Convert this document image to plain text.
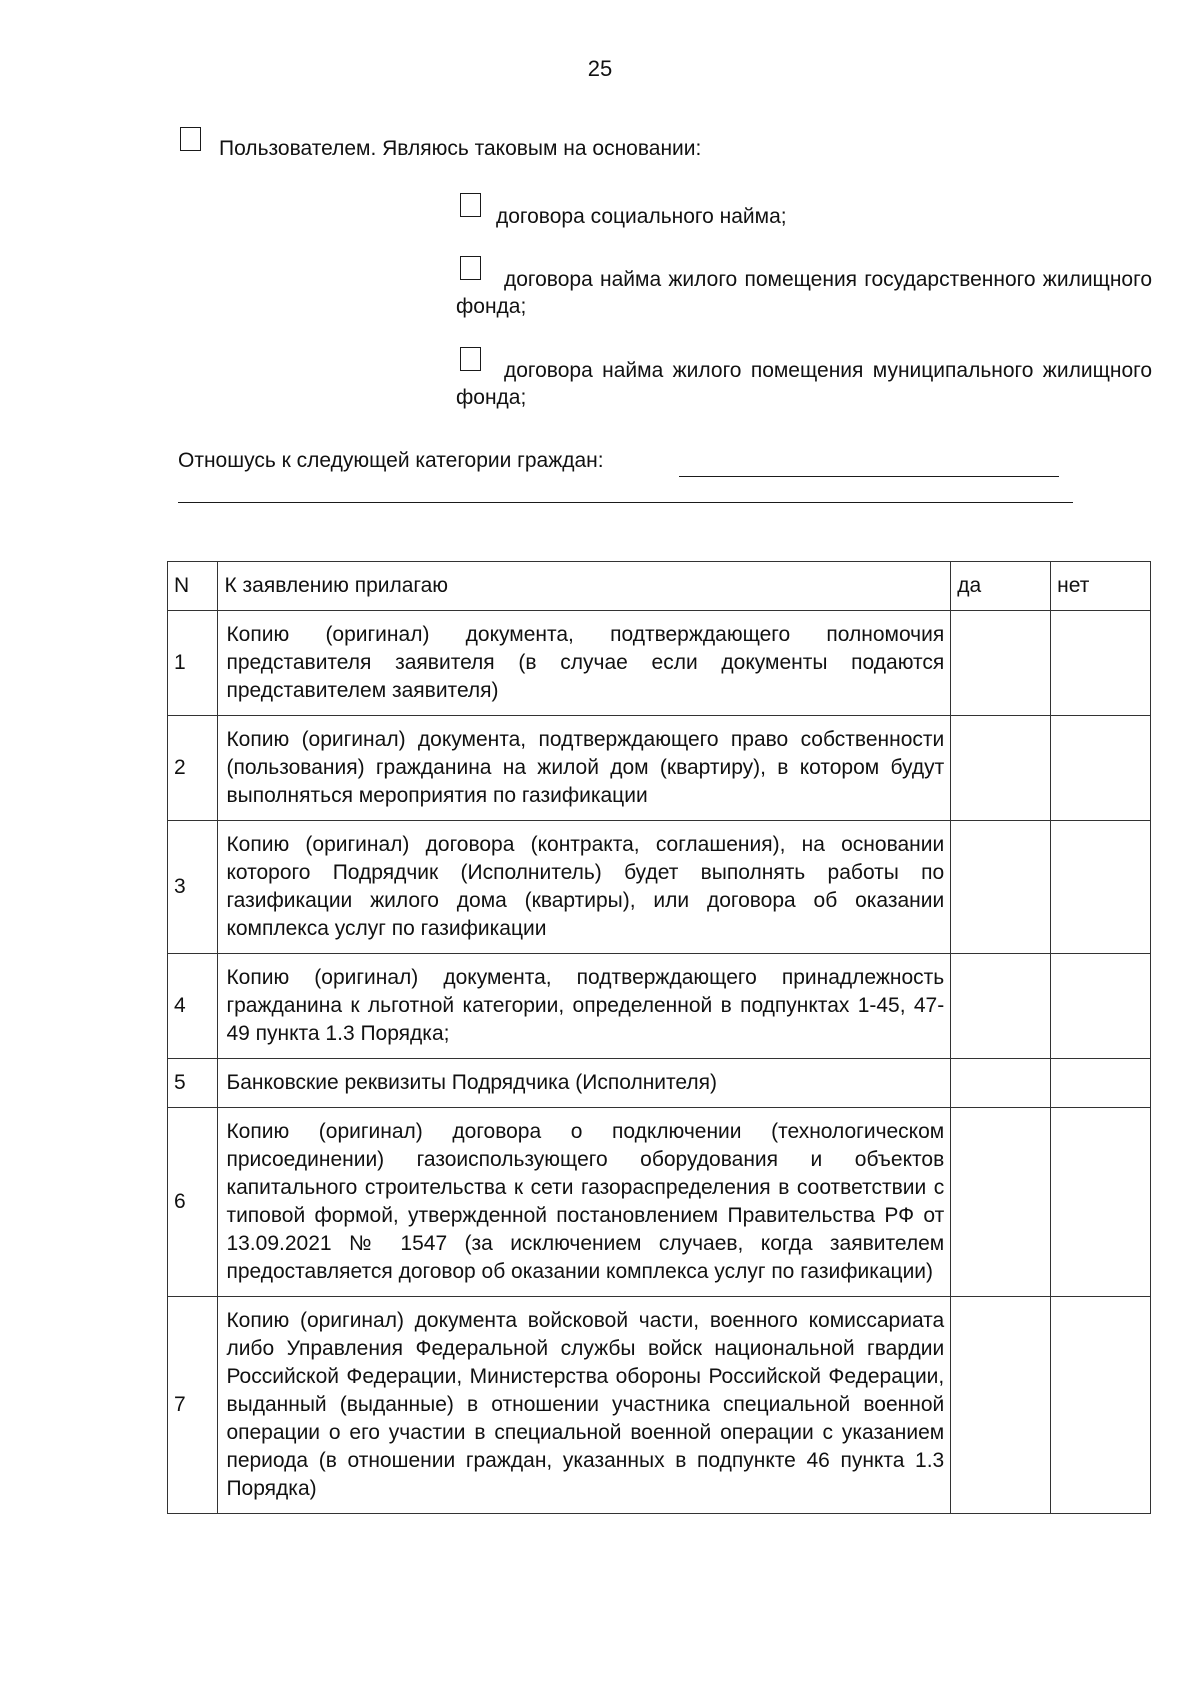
25
Пользователем. Являюсь таковым на основании:
договора социального найма;
договора найма жилого помещения государственного жилищного фонда;
договора найма жилого помещения муниципального жилищного фонда;
Отношусь к следующей категории граждан:
N	К заявлению прилагаю	да	нет
1	Копию (оригинал) документа, подтверждающего полномочия представителя заявителя (в случае если документы подаются представителем заявителя)		
2	Копию (оригинал) документа, подтверждающего право собственности (пользования) гражданина на жилой дом (квартиру), в котором будут выполняться мероприятия по газификации		
3	Копию (оригинал) договора (контракта, соглашения), на основании которого Подрядчик (Исполнитель) будет выполнять работы по газификации жилого дома (квартиры), или договора об оказании комплекса услуг по газификации		
4	Копию (оригинал) документа, подтверждающего принадлежность гражданина к льготной категории, определенной в подпунктах 1-45, 47-49 пункта 1.3 Порядка;		
5	Банковские реквизиты Подрядчика (Исполнителя)		
6	Копию (оригинал) договора о подключении (технологическом присоединении) газоиспользующего оборудования и объектов капитального строительства к сети газораспределения в соответствии с типовой формой, утвержденной постановлением Правительства РФ от 13.09.2021 № 1547 (за исключением случаев, когда заявителем предоставляется договор об оказании комплекса услуг по газификации)		
7	Копию (оригинал) документа войсковой части, военного комиссариата либо Управления Федеральной службы войск национальной гвардии Российской Федерации, Министерства обороны Российской Федерации, выданный (выданные) в отношении участника специальной военной операции о его участии в специальной военной операции с указанием периода (в отношении граждан, указанных в подпункте 46 пункта 1.3 Порядка)		
